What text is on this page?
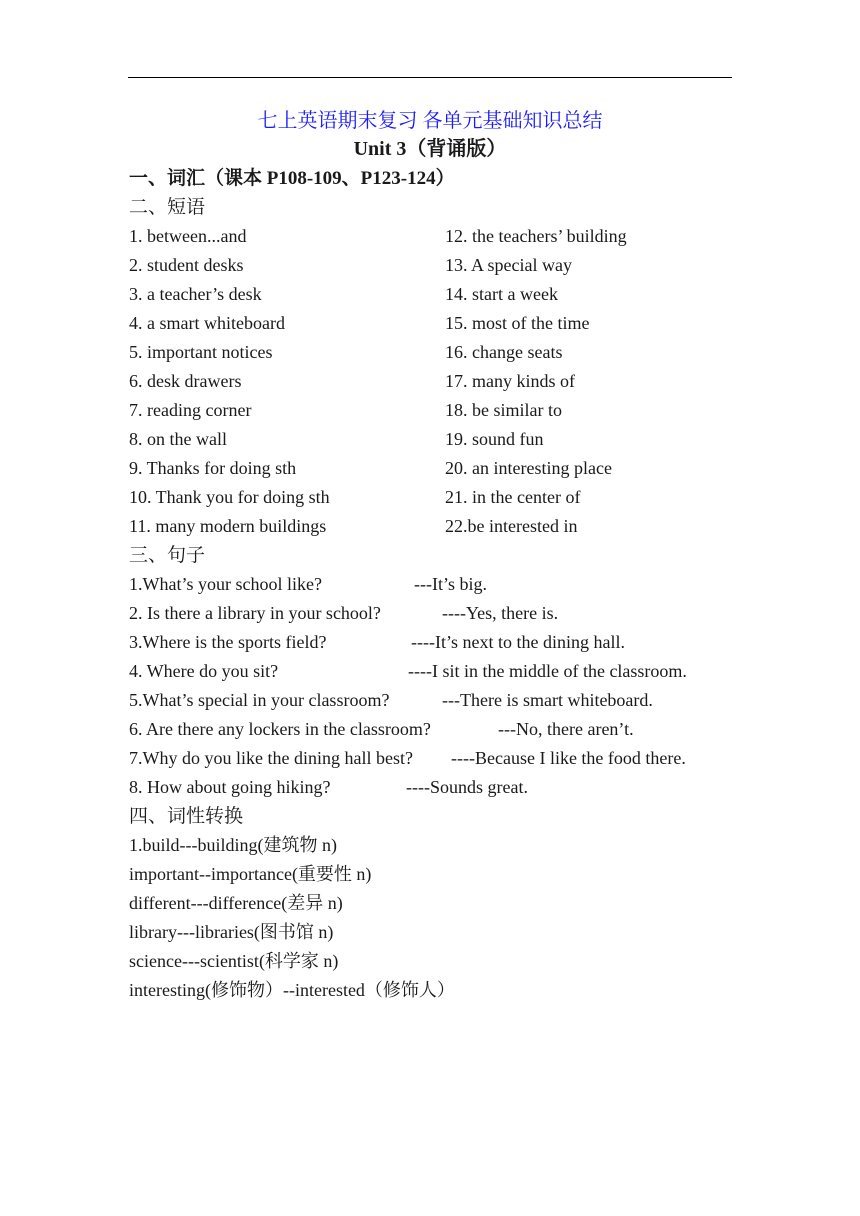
七上英语期末复习 各单元基础知识总结
Unit 3（背诵版）
一、词汇（课本 P108-109、P123-124）
二、短语
1. between...and	12. the teachers’ building
2. student desks	13. A special way
3. a teacher’s desk	14. start a week
4. a smart whiteboard	15. most of the time
5. important notices	16. change seats
6. desk drawers	17. many kinds of
7. reading corner	18. be similar to
8. on the wall	19. sound fun
9. Thanks for doing sth	20. an interesting place
10. Thank you for doing sth	21. in the center of
11. many modern buildings	22.be interested in
三、句子
1.What’s your school like?	---It’s big.
2. Is there a library in your school?	----Yes, there is.
3.Where is the sports field?	----It’s next to the dining hall.
4. Where do you sit?	----I sit in the middle of the classroom.
5.What’s special in your classroom?	---There is smart whiteboard.
6. Are there any lockers in the classroom?	---No, there aren’t.
7.Why do you like the dining hall best? ----Because I like the food there.
8. How about going hiking?	----Sounds great.
四、词性转换
1.build---building(建筑物 n)
important--importance(重要性 n)
different---difference(差异 n)
library---libraries(图书馆 n)
science---scientist(科学家 n)
interesting(修饰物）--interested（修饰人）
